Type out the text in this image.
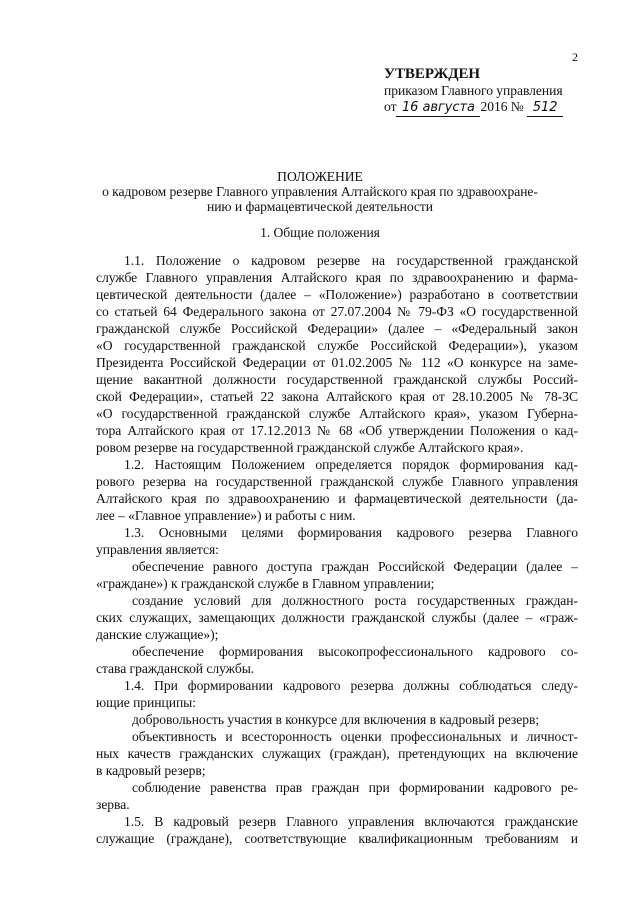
2
УТВЕРЖДЕН
приказом Главного управления
от 16 августа 2016 № 512
ПОЛОЖЕНИЕ
о кадровом резерве Главного управления Алтайского края по здравоохране-
нию и фармацевтической деятельности
1. Общие положения
1.1. Положение о кадровом резерве на государственной гражданской
службе Главного управления Алтайского края по здравоохранению и фарма-
цевтической деятельности (далее – «Положение») разработано в соответствии
со статьей 64 Федерального закона от 27.07.2004 № 79-ФЗ «О государственной
гражданской службе Российской Федерации» (далее – «Федеральный закон
«О государственной гражданской службе Российской Федерации»), указом
Президента Российской Федерации от 01.02.2005 № 112 «О конкурсе на заме-
щение вакантной должности государственной гражданской службы Россий-
ской Федерации», статьей 22 закона Алтайского края от 28.10.2005 № 78-ЗС
«О государственной гражданской службе Алтайского края», указом Губерна-
тора Алтайского края от 17.12.2013 № 68 «Об утверждении Положения о кад-
ровом резерве на государственной гражданской службе Алтайского края».
1.2. Настоящим Положением определяется порядок формирования кад-
рового резерва на государственной гражданской службе Главного управления
Алтайского края по здравоохранению и фармацевтической деятельности (да-
лее – «Главное управление») и работы с ним.
1.3. Основными целями формирования кадрового резерва Главного
управления является:
обеспечение равного доступа граждан Российской Федерации (далее –
«граждане») к гражданской службе в Главном управлении;
создание условий для должностного роста государственных граждан-
ских служащих, замещающих должности гражданской службы (далее – «граж-
данские служащие»);
обеспечение формирования высокопрофессионального кадрового со-
става гражданской службы.
1.4. При формировании кадрового резерва должны соблюдаться следу-
ющие принципы:
добровольность участия в конкурсе для включения в кадровый резерв;
объективность и всесторонность оценки профессиональных и личност-
ных качеств гражданских служащих (граждан), претендующих на включение
в кадровый резерв;
соблюдение равенства прав граждан при формировании кадрового ре-
зерва.
1.5. В кадровый резерв Главного управления включаются гражданские
служащие (граждане), соответствующие квалификационным требованиям и
